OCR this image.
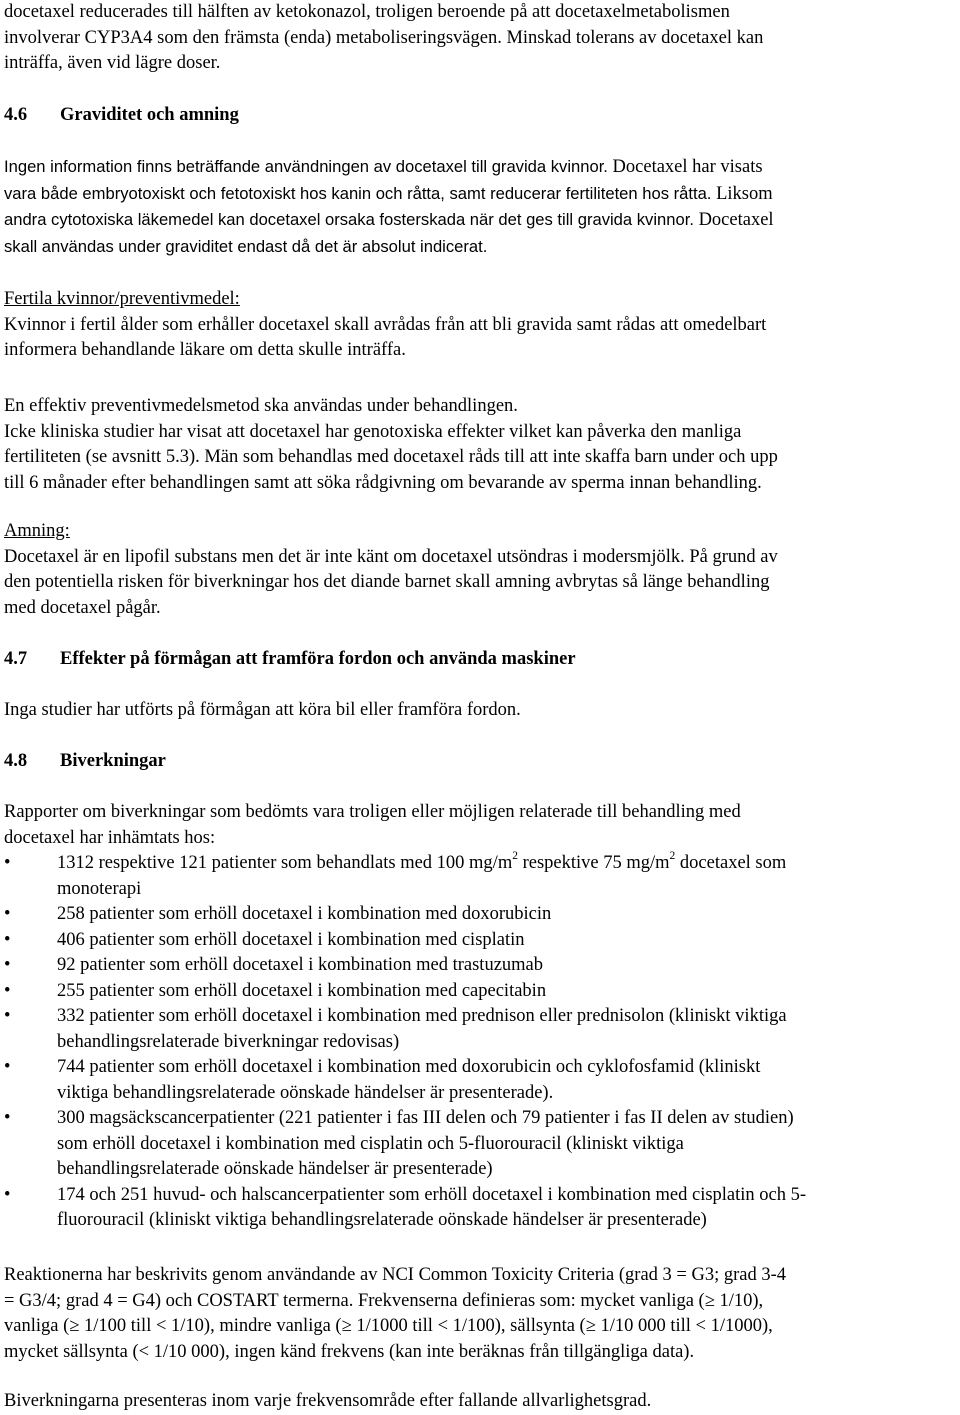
docetaxel reducerades till hälften av ketokonazol, troligen beroende på att docetaxelmetabolismen

involverar CYP3A4 som den främsta (enda) metaboliseringsvägen. Minskad tolerans av docetaxel kan

inträffa, även vid lägre doser.

4.6	Graviditet och amning

Ingen information finns beträffande användningen av docetaxel till gravida kvinnor. Docetaxel har visats

vara både embryotoxiskt och fetotoxiskt hos kanin och råtta, samt reducerar fertiliteten hos råtta. Liksom

andra cytotoxiska läkemedel kan docetaxel orsaka fosterskada när det ges till gravida kvinnor. Docetaxel

skall användas under graviditet endast då det är absolut indicerat.

Fertila kvinnor/preventivmedel:

Kvinnor i fertil ålder som erhåller docetaxel skall avrådas från att bli gravida samt rådas att omedelbart

informera behandlande läkare om detta skulle inträffa.

En effektiv preventivmedelsmetod ska användas under behandlingen.

Icke kliniska studier har visat att docetaxel har genotoxiska effekter vilket kan påverka den manliga

fertiliteten (se avsnitt 5.3). Män som behandlas med docetaxel råds till att inte skaffa barn under och upp

till 6 månader efter behandlingen samt att söka rådgivning om bevarande av sperma innan behandling.

Amning:

Docetaxel är en lipofil substans men det är inte känt om docetaxel utsöndras i modersmjölk. På grund av

den potentiella risken för biverkningar hos det diande barnet skall amning avbrytas så länge behandling

med docetaxel pågår.

4.7	Effekter på förmågan att framföra fordon och använda maskiner

Inga studier har utförts på förmågan att köra bil eller framföra fordon.

4.8	Biverkningar

Rapporter om biverkningar som bedömts vara troligen eller möjligen relaterade till behandling med

docetaxel har inhämtats hos:

•	1312 respektive 121 patienter som behandlats med 100 $mg/m^2$ respektive 75 $mg/m^2$ docetaxel som
monoterapi
•	258 patienter som erhöll docetaxel i kombination med doxorubicin
•	406 patienter som erhöll docetaxel i kombination med cisplatin
•	92 patienter som erhöll docetaxel i kombination med trastuzumab
•	255 patienter som erhöll docetaxel i kombination med capecitabin
•	332 patienter som erhöll docetaxel i kombination med prednison eller prednisolon (kliniskt viktiga
behandlingsrelaterade biverkningar redovisas)
•	744 patienter som erhöll docetaxel i kombination med doxorubicin och cyklofosfamid (kliniskt
viktiga behandlingsrelaterade oönskade händelser är presenterade).
•	300 magsäckscancerpatienter (221 patienter i fas III delen och 79 patienter i fas II delen av studien)
som erhöll docetaxel i kombination med cisplatin och 5-fluorouracil (kliniskt viktiga
behandlingsrelaterade oönskade händelser är presenterade)
•	174 och 251 huvud- och halscancerpatienter som erhöll docetaxel i kombination med cisplatin och 5-
fluorouracil (kliniskt viktiga behandlingsrelaterade oönskade händelser är presenterade)

Reaktionerna har beskrivits genom användande av NCI Common Toxicity Criteria (grad 3 = G3; grad 3-4

= G3/4; grad 4 = G4) och COSTART termerna. Frekvenserna definieras som: mycket vanliga (≥ 1/10),

vanliga (≥ 1/100 till < 1/10), mindre vanliga (≥ 1/1000 till < 1/100), sällsynta (≥ 1/10 000 till < 1/1000),

mycket sällsynta (< 1/10 000), ingen känd frekvens (kan inte beräknas från tillgängliga data).

Biverkningarna presenteras inom varje frekvensområde efter fallande allvarlighetsgrad.
